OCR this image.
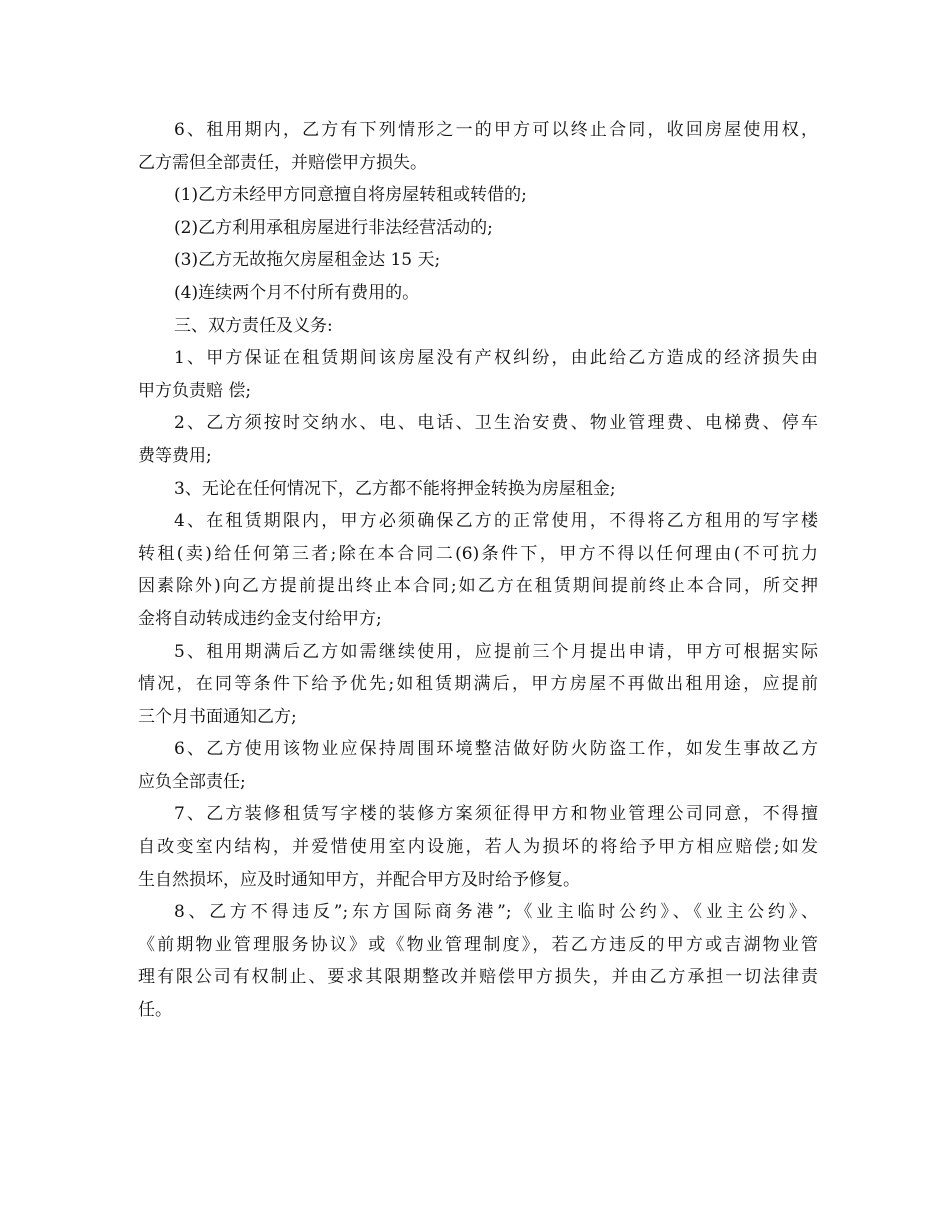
6、租用期内，乙方有下列情形之一的甲方可以终止合同，收回房屋使用权，
乙方需但全部责任，并赔偿甲方损失。
(1)乙方未经甲方同意擅自将房屋转租或转借的;
(2)乙方利用承租房屋进行非法经营活动的;
(3)乙方无故拖欠房屋租金达 15 天;
(4)连续两个月不付所有费用的。
三、双方责任及义务:
1、甲方保证在租赁期间该房屋没有产权纠纷，由此给乙方造成的经济损失由
甲方负责赔 偿;
2、乙方须按时交纳水、电、电话、卫生治安费、物业管理费、电梯费、停车
费等费用;
3、无论在任何情况下，乙方都不能将押金转换为房屋租金;
4、在租赁期限内，甲方必须确保乙方的正常使用，不得将乙方租用的写字楼
转租(卖)给任何第三者;除在本合同二(6)条件下，甲方不得以任何理由(不可抗力
因素除外)向乙方提前提出终止本合同;如乙方在租赁期间提前终止本合同，所交押
金将自动转成违约金支付给甲方;
5、租用期满后乙方如需继续使用，应提前三个月提出申请，甲方可根据实际
情况，在同等条件下给予优先;如租赁期满后，甲方房屋不再做出租用途，应提前
三个月书面通知乙方;
6、乙方使用该物业应保持周围环境整洁做好防火防盗工作，如发生事故乙方
应负全部责任;
7、乙方装修租赁写字楼的装修方案须征得甲方和物业管理公司同意，不得擅
自改变室内结构，并爱惜使用室内设施，若人为损坏的将给予甲方相应赔偿;如发
生自然损坏，应及时通知甲方，并配合甲方及时给予修复。
8、乙方不得违反”;东方国际商务港”;《业主临时公约》、《业主公约》、
《前期物业管理服务协议》或《物业管理制度》，若乙方违反的甲方或吉湖物业管
理有限公司有权制止、要求其限期整改并赔偿甲方损失，并由乙方承担一切法律责
任。
